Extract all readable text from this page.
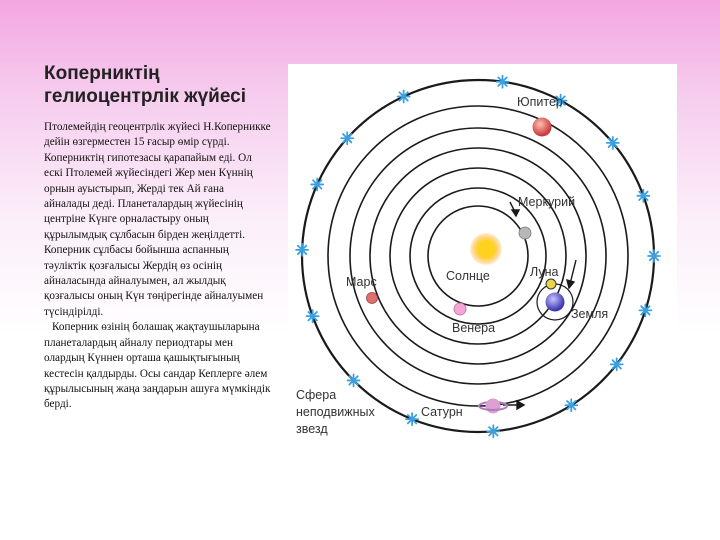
Коперниктің
гелиоцентрлік жүйесі

Птолемейдің геоцентрлік жүйесі Н.Коперникке дейін өзгерместен 15 ғасыр өмір сүрді.

Коперниктің гипотезасы қарапайым еді. Ол ескі Птолемей жүйесіндегі Жер мен Күннің орнын ауыстырып, Жерді тек Ай ғана айналады деді. Планеталардың жүйесінің центріне Күнге орналастыру оның құрылымдық сұлбасын бірден жеңілдетті.

Коперник сұлбасы бойынша аспанның тәуліктік қозғалысы Жердің өз осінің айналасында айналуымен, ал жылдық қозғалысы оның Күн төңірегінде айналуымен түсіндірілді.

Коперник өзінің болашақ жақтаушыларына планеталардың айналу периодтары мен олардың Күннен орташа қашықтығының кестесін қалдырды. Осы сандар Кеплерге әлем құрылысының жаңа заңдарын ашуға мүмкіндік берді.

Юпитер
Меркурий
Солнце	Луна
Марс
Земля
Венера
Сатурн
Сфера
неподвижных
звезд
